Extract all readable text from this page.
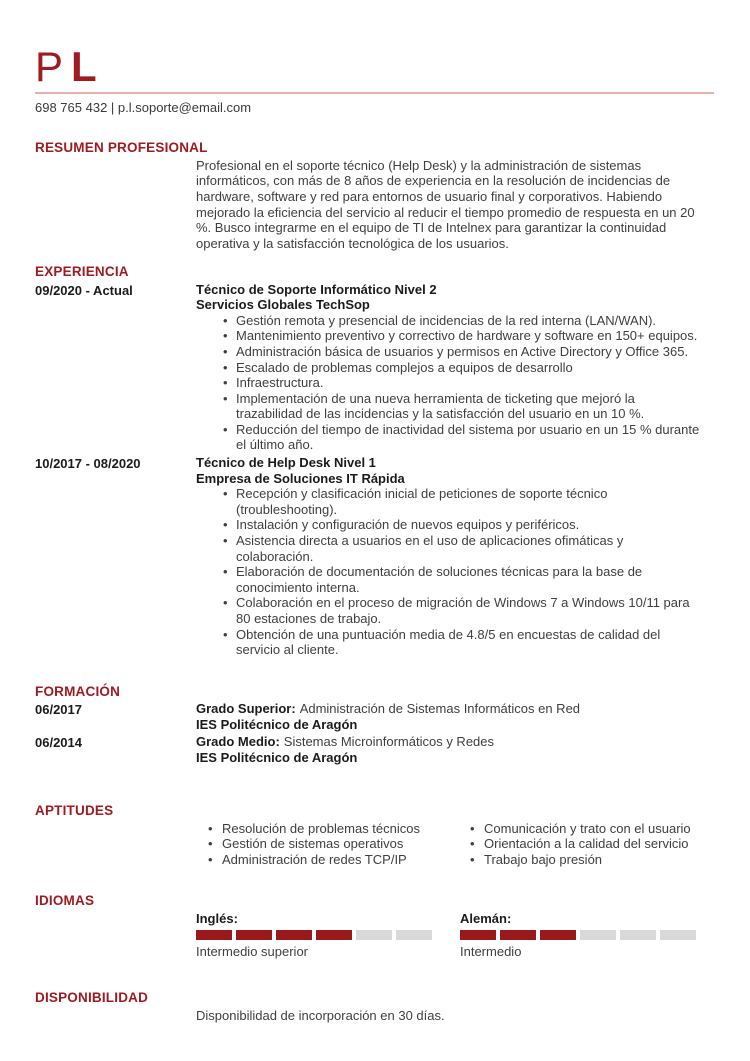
P L
698 765 432 | p.l.soporte@email.com
RESUMEN PROFESIONAL

Profesional en el soporte técnico (Help Desk) y la administración de sistemas informáticos, con más de 8 años de experiencia en la resolución de incidencias de hardware, software y red para entornos de usuario final y corporativos. Habiendo mejorado la eficiencia del servicio al reducir el tiempo promedio de respuesta en un 20 %. Busco integrarme en el equipo de TI de Intelnex para garantizar la continuidad operativa y la satisfacción tecnológica de los usuarios.

EXPERIENCIA
09/2020 - Actual	Técnico de Soporte Informático Nivel 2
Servicios Globales TechSop
• Gestión remota y presencial de incidencias de la red interna (LAN/WAN).
• Mantenimiento preventivo y correctivo de hardware y software en 150+ equipos.
• Administración básica de usuarios y permisos en Active Directory y Office 365.
• Escalado de problemas complejos a equipos de desarrollo
• Infraestructura.
• Implementación de una nueva herramienta de ticketing que mejoró la trazabilidad de las incidencias y la satisfacción del usuario en un 10 %.
• Reducción del tiempo de inactividad del sistema por usuario en un 15 % durante el último año.
10/2017 - 08/2020	Técnico de Help Desk Nivel 1
Empresa de Soluciones IT Rápida
• Recepción y clasificación inicial de peticiones de soporte técnico (troubleshooting).
• Instalación y configuración de nuevos equipos y periféricos.
• Asistencia directa a usuarios en el uso de aplicaciones ofimáticas y colaboración.
• Elaboración de documentación de soluciones técnicas para la base de conocimiento interna.
• Colaboración en el proceso de migración de Windows 7 a Windows 10/11 para 80 estaciones de trabajo.
• Obtención de una puntuación media de 4.8/5 en encuestas de calidad del servicio al cliente.
FORMACIÓN
06/2017	Grado Superior: Administración de Sistemas Informáticos en Red
IES Politécnico de Aragón
06/2014	Grado Medio: Sistemas Microinformáticos y Redes
IES Politécnico de Aragón
APTITUDES
• Resolución de problemas técnicos
• Gestión de sistemas operativos
• Administración de redes TCP/IP
• Comunicación y trato con el usuario
• Orientación a la calidad del servicio
• Trabajo bajo presión
IDIOMAS
Inglés:
Intermedio superior
Alemán:
Intermedio
DISPONIBILIDAD

Disponibilidad de incorporación en 30 días.
